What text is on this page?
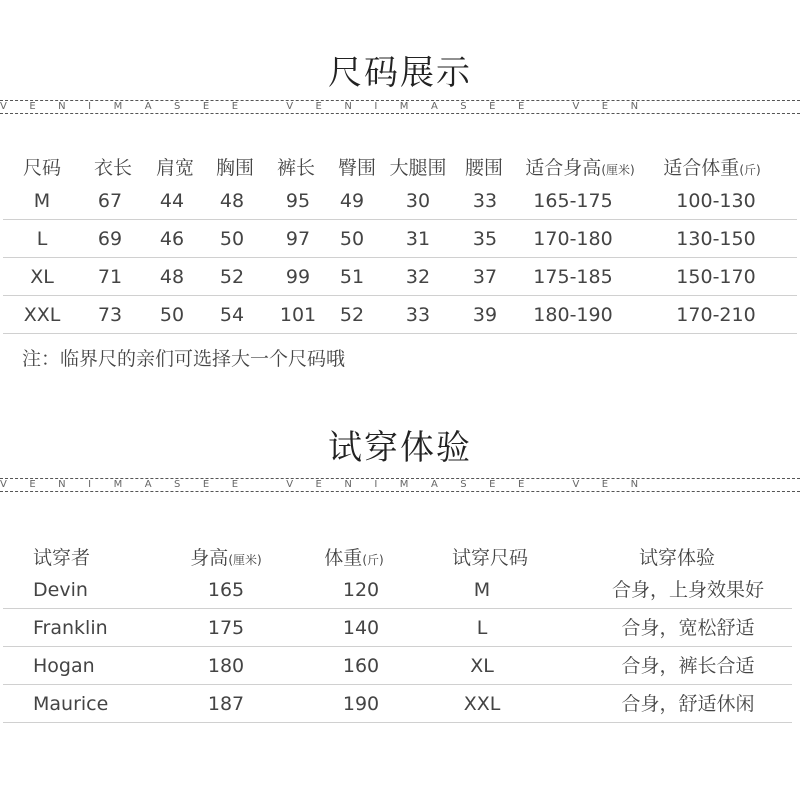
尺码展示
VENIMASEE VENIMASEE VEN
尺码 衣长 肩宽 胸围 裤长 臀围 大腿围 腰围 适合身高(厘米) 适合体重(斤)
M	67 44 48 95 49 30 33 165-175	100-130
L	69 46 50 97 50 31 35 170-180	130-150
XL 71 48 52 99 51 32 37 175-185	150-170
XXL 73 50 54 101 52 33 39 180-190	170-210
注：临界尺的亲们可选择大一个尺码哦
试穿体验
VENIMASEE VENIMASEE VEN
试穿者	身高(厘米)	体重(斤)	试穿尺码	试穿体验
Devin	165	120	M	合身，上身效果好
Franklin	175	140	L	合身，宽松舒适
Hogan	180	160	XL	合身，裤长合适
Maurice	187	190	XXL	合身，舒适休闲
